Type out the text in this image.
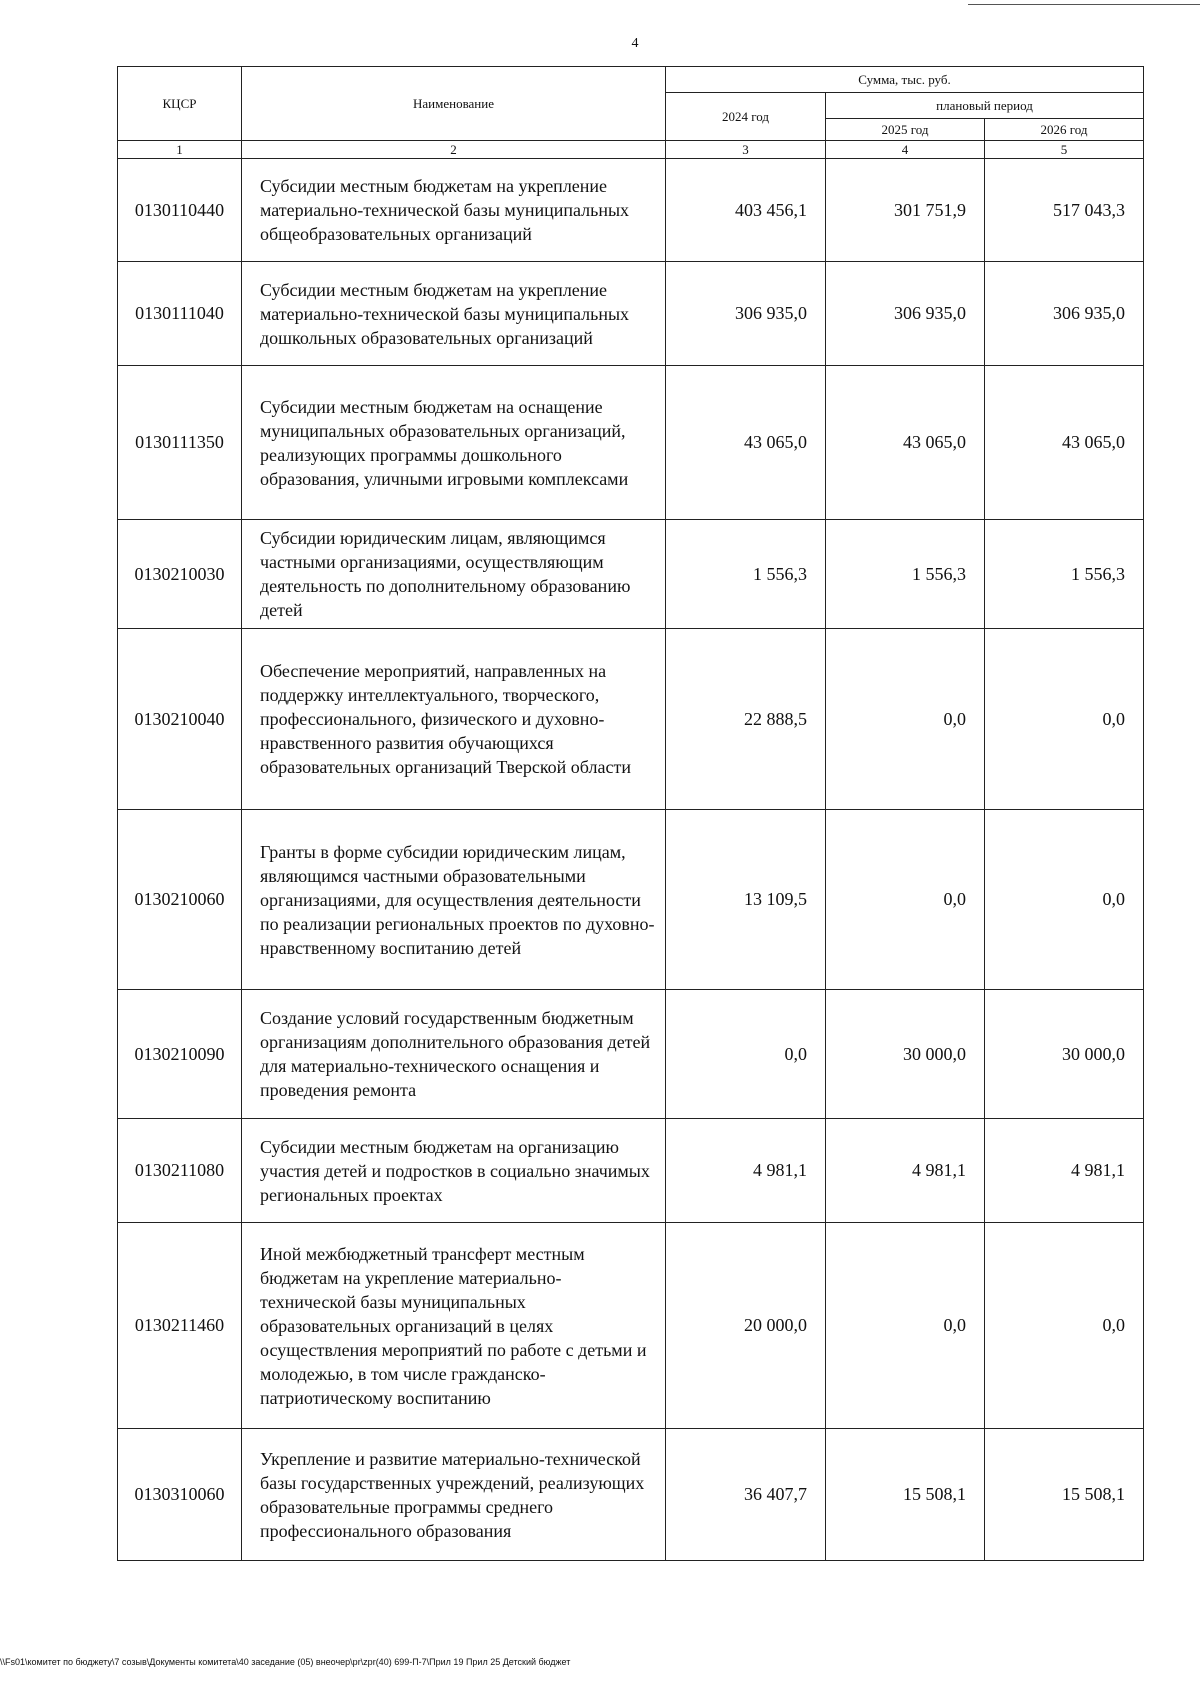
4
КЦСР	Наименование	Сумма, тыс. руб.		
		2024 год	плановый период	
			2025 год	2026 год
1	2	3	4	5
0130110440	Субсидии местным бюджетам на укрепление материально-технической базы муниципальных общеобразовательных организаций	403 456,1	301 751,9	517 043,3
0130111040	Субсидии местным бюджетам на укрепление материально-технической базы муниципальных дошкольных образовательных организаций	306 935,0	306 935,0	306 935,0
0130111350	Субсидии местным бюджетам на оснащение муниципальных образовательных организаций, реализующих программы дошкольного образования, уличными игровыми комплексами	43 065,0	43 065,0	43 065,0
0130210030	Субсидии юридическим лицам, являющимся частными организациями, осуществляющим деятельность по дополнительному образованию детей	1 556,3	1 556,3	1 556,3
0130210040	Обеспечение мероприятий, направленных на поддержку интеллектуального, творческого, профессионального, физического и духовно-нравственного развития обучающихся образовательных организаций Тверской области	22 888,5	0,0	0,0
0130210060	Гранты в форме субсидии юридическим лицам, являющимся частными образовательными организациями, для осуществления деятельности по реализации региональных проектов по духовно-нравственному воспитанию детей	13 109,5	0,0	0,0
0130210090	Создание условий государственным бюджетным организациям дополнительного образования детей для материально-технического оснащения и проведения ремонта	0,0	30 000,0	30 000,0
0130211080	Субсидии местным бюджетам на организацию участия детей и подростков в социально значимых региональных проектах	4 981,1	4 981,1	4 981,1
0130211460	Иной межбюджетный трансферт местным бюджетам на укрепление материально-технической базы муниципальных образовательных организаций в целях осуществления мероприятий по работе с детьми и молодежью, в том числе гражданско-патриотическому воспитанию	20 000,0	0,0	0,0
0130310060	Укрепление и развитие материально-технической базы государственных учреждений, реализующих образовательные программы среднего профессионального образования	36 407,7	15 508,1	15 508,1
\\Fs01\комитет по бюджету\7 созыв\Документы комитета\40 заседание (05) внеочер\pr\zpr(40) 699-П-7\Прил 19 Прил 25 Детский бюджет
